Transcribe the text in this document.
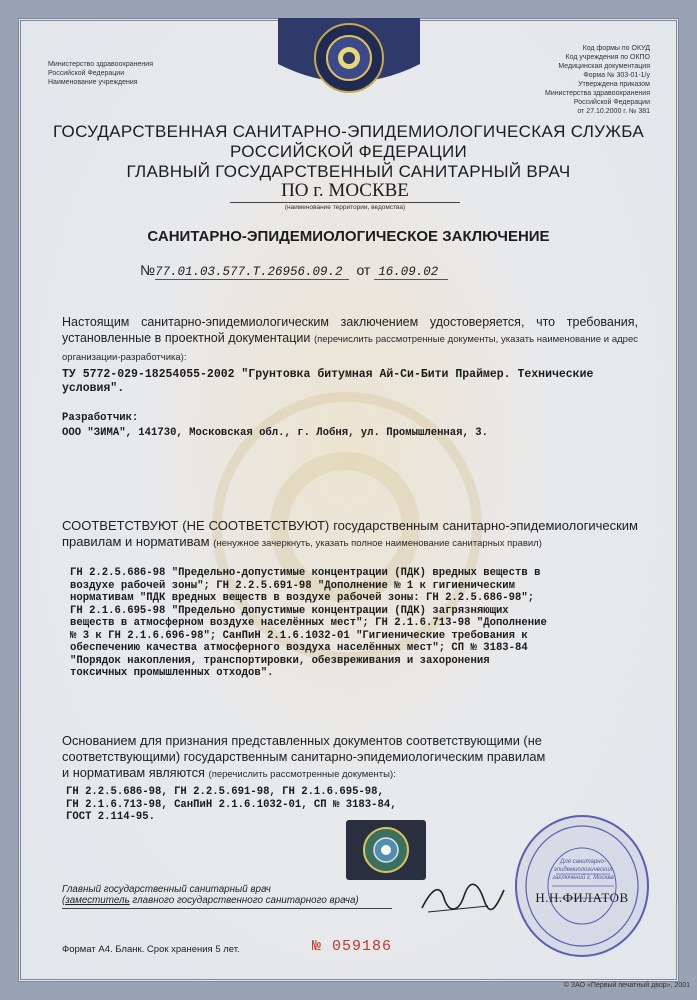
Министерство здравоохранения
Российской Федерации
Наименование учреждения
Код формы по ОКУД
Код учреждения по ОКПО
Медицинская документация
Форма № 303-01-1/у
Утверждена приказом
Министерства здравоохранения
Российской Федерации
от 27.10.2000 г. № 381
ГОСУДАРСТВЕННАЯ САНИТАРНО-ЭПИДЕМИОЛОГИЧЕСКАЯ СЛУЖБА
РОССИЙСКОЙ ФЕДЕРАЦИИ
ГЛАВНЫЙ ГОСУДАРСТВЕННЫЙ САНИТАРНЫЙ ВРАЧ
ПО г. МОСКВЕ
(наименование территории, ведомства)
САНИТАРНО-ЭПИДЕМИОЛОГИЧЕСКОЕ ЗАКЛЮЧЕНИЕ
№77.01.03.577.Т.26956.09.2 от 16.09.02
Настоящим санитарно-эпидемиологическим заключением удостоверяется, что требования, установленные в проектной документации (перечислить рассмотренные документы, указать наименование и адрес организации-разработчика):
ТУ 5772-029-18254055-2002 "Грунтовка битумная Ай-Си-Бити Праймер. Технические условия".
Разработчик:
ООО "ЗИМА", 141730, Московская обл., г. Лобня, ул. Промышленная, 3.
СООТВЕТСТВУЮТ (НЕ СООТВЕТСТВУЮТ) государственным санитарно-эпидемиологическим правилам и нормативам (ненужное зачеркнуть, указать полное наименование санитарных правил)
ГН 2.2.5.686-98 "Предельно-допустимые концентрации (ПДК) вредных веществ в
воздухе рабочей зоны"; ГН 2.2.5.691-98 "Дополнение № 1 к гигиеническим
нормативам "ПДК вредных веществ в воздухе рабочей зоны: ГН 2.2.5.686-98";
ГН 2.1.6.695-98 "Предельно допустимые концентрации (ПДК) загрязняющих
веществ в атмосферном воздухе населённых мест"; ГН 2.1.6.713-98 "Дополнение
№ 3 к ГН 2.1.6.696-98"; СанПиН 2.1.6.1032-01 "Гигиенические требования к
обеспечению качества атмосферного воздуха населённых мест"; СП № 3183-84
"Порядок накопления, транспортировки, обезвреживания и захоронения
токсичных промышленных отходов".
Основанием для признания представленных документов соответствующими (не
соответствующими) государственным санитарно-эпидемиологическим правилам
и нормативам являются (перечислить рассмотренные документы):
ГН 2.2.5.686-98, ГН 2.2.5.691-98, ГН 2.1.6.695-98,
ГН 2.1.6.713-98, СанПиН 2.1.6.1032-01, СП № 3183-84,
ГОСТ 2.114-95.
Главный государственный санитарный врач
(заместитель главного государственного санитарного врача)
Для санитарно-эпидемиологических заключений г. Москва
Н.Н.ФИЛАТОВ
Формат А4. Бланк. Срок хранения 5 лет.	№ 059186
© ЗАО «Первый печатный двор», 2001
